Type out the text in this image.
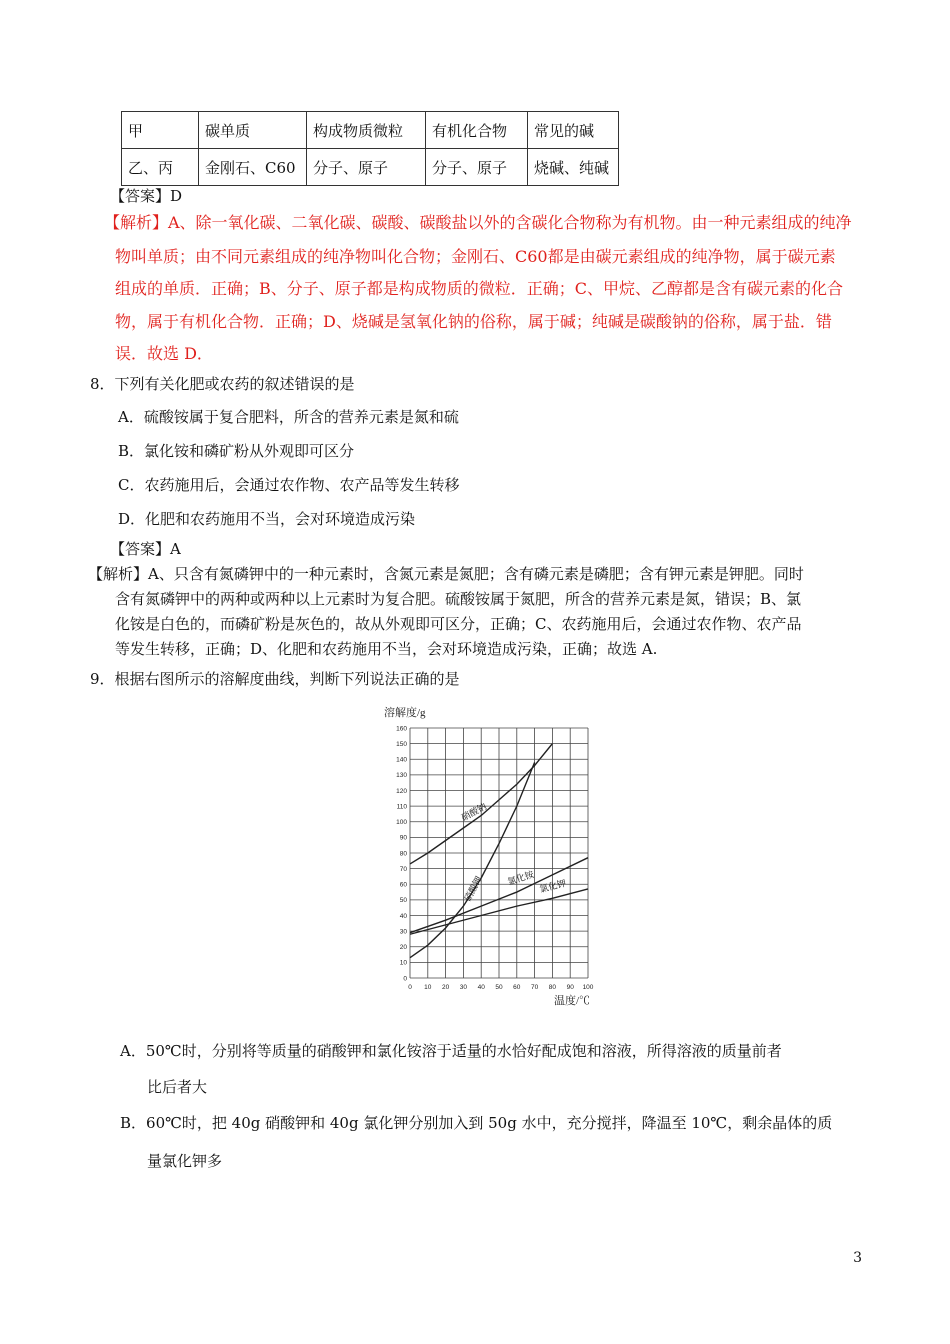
甲	碳单质	构成物质微粒	有机化合物	常见的碱
乙、丙	金刚石、C60	分子、原子	分子、原子	烧碱、纯碱
【答案】D
【解析】A、除一氧化碳、二氧化碳、碳酸、碳酸盐以外的含碳化合物称为有机物。由一种元素组成的纯净
物叫单质；由不同元素组成的纯净物叫化合物；金刚石、C60都是由碳元素组成的纯净物，属于碳元素
组成的单质．正确；B、分子、原子都是构成物质的微粒．正确；C、甲烷、乙醇都是含有碳元素的化合
物，属于有机化合物．正确；D、烧碱是氢氧化钠的俗称，属于碱；纯碱是碳酸钠的俗称，属于盐．错
误．故选 D．
8．下列有关化肥或农药的叙述错误的是
A．硫酸铵属于复合肥料，所含的营养元素是氮和硫
B．氯化铵和磷矿粉从外观即可区分
C．农药施用后，会通过农作物、农产品等发生转移
D．化肥和农药施用不当，会对环境造成污染
【答案】A
【解析】A、只含有氮磷钾中的一种元素时，含氮元素是氮肥；含有磷元素是磷肥；含有钾元素是钾肥。同时
含有氮磷钾中的两种或两种以上元素时为复合肥。硫酸铵属于氮肥，所含的营养元素是氮，错误；B、氯
化铵是白色的，而磷矿粉是灰色的，故从外观即可区分，正确；C、农药施用后，会通过农作物、农产品
等发生转移，正确；D、化肥和农药施用不当，会对环境造成污染，正确；故选 A.
9．根据右图所示的溶解度曲线，判断下列说法正确的是
溶解度/g
温度/℃
0 10 20 30 40 50 60 70 80 90 100
0
10
20
30
40
50
60
70
80
90
100
110
120
130
140
150
160
硝酸钠
硝酸钾 氯化铵 氯化钾
A．50℃时，分别将等质量的硝酸钾和氯化铵溶于适量的水恰好配成饱和溶液，所得溶液的质量前者
比后者大
B．60℃时，把 40g 硝酸钾和 40g 氯化钾分别加入到 50g 水中，充分搅拌，降温至 10℃，剩余晶体的质
量氯化钾多
3
